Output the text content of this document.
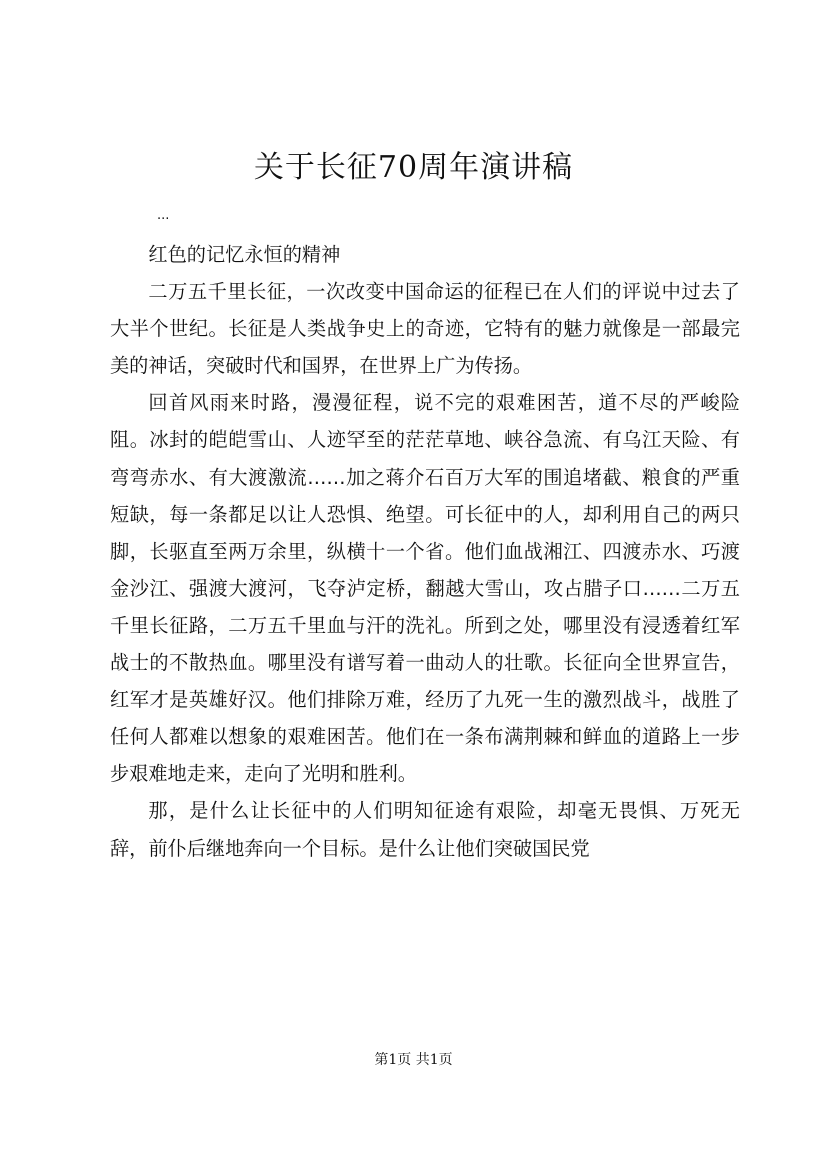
关于长征70周年演讲稿
...

红色的记忆永恒的精神

二万五千里长征，一次改变中国命运的征程已在人们的评说中过去了大半个世纪。长征是人类战争史上的奇迹，它特有的魅力就像是一部最完美的神话，突破时代和国界，在世界上广为传扬。

回首风雨来时路，漫漫征程，说不完的艰难困苦，道不尽的严峻险阻。冰封的皑皑雪山、人迹罕至的茫茫草地、峡谷急流、有乌江天险、有弯弯赤水、有大渡激流……加之蒋介石百万大军的围追堵截、粮食的严重短缺，每一条都足以让人恐惧、绝望。可长征中的人，却利用自己的两只脚，长驱直至两万余里，纵横十一个省。他们血战湘江、四渡赤水、巧渡金沙江、强渡大渡河，飞夺泸定桥，翻越大雪山，攻占腊子口……二万五千里长征路，二万五千里血与汗的洗礼。所到之处，哪里没有浸透着红军战士的不散热血。哪里没有谱写着一曲动人的壮歌。长征向全世界宣告，红军才是英雄好汉。他们排除万难，经历了九死一生的激烈战斗，战胜了任何人都难以想象的艰难困苦。他们在一条布满荆棘和鲜血的道路上一步步艰难地走来，走向了光明和胜利。

那，是什么让长征中的人们明知征途有艰险，却毫无畏惧、万死无辞，前仆后继地奔向一个目标。是什么让他们突破国民党

第1页 共1页
